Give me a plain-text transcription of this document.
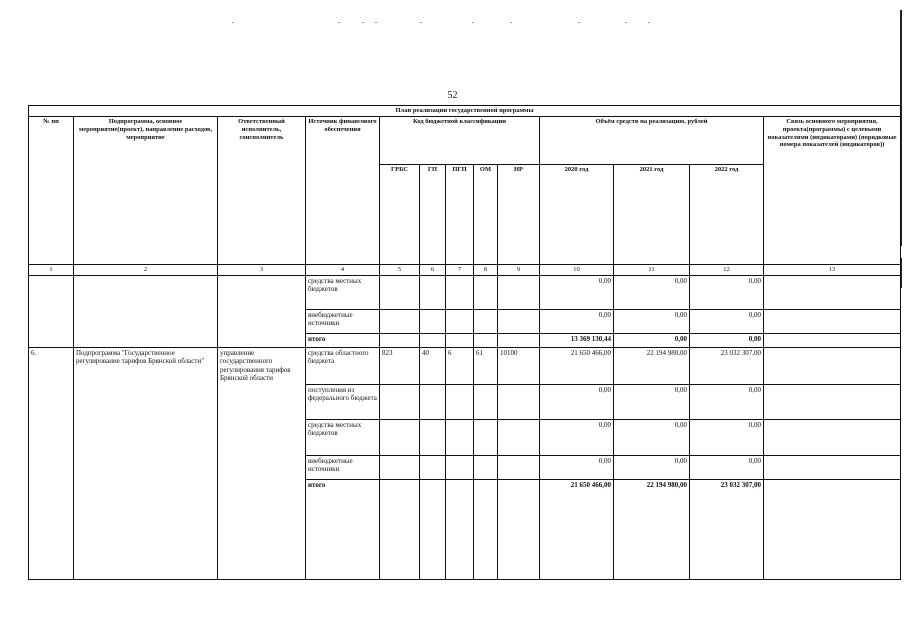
52
План реализации государственной программы												
№ пп	Подпрограмма, основное мероприятие(проект), направление расходов, мероприятие	Ответственный исполнитель, соисполнитель	Источник финансового обеспечения	Код бюджетной классификации					Объём средств на реализацию, рублей			Связь основного мероприятия, проекта(программы) с целевыми показателями (индикаторами) (порядковые номера показателей (индикаторов))
				ГРБС	ГП	ПГП	ОМ	НР	2020 год	2021 год	2022 год	
1	2	3	4	5	6	7	8	9	10	11	12	13
			средства местных бюджетов						0,00	0,00	0,00	
			внебюджетные источники						0,00	0,00	0,00	
			итого						13 369 130,44	0,00	0,00	
6.	Подпрограмма "Государственное регулирование тарифов Брянской области"	управление государственного регулирования тарифов Брянской области	средства областного бюджета	823	40	6	61	10100	21 650 466,00	22 194 980,00	23 032 307,00	
			поступления из федерального бюджета						0,00	0,00	0,00	
			средства местных бюджетов						0,00	0,00	0,00	
			внебюджетные источники						0,00	0,00	0,00	
			итого						21 650 466,00	22 194 980,00	23 032 307,00	
